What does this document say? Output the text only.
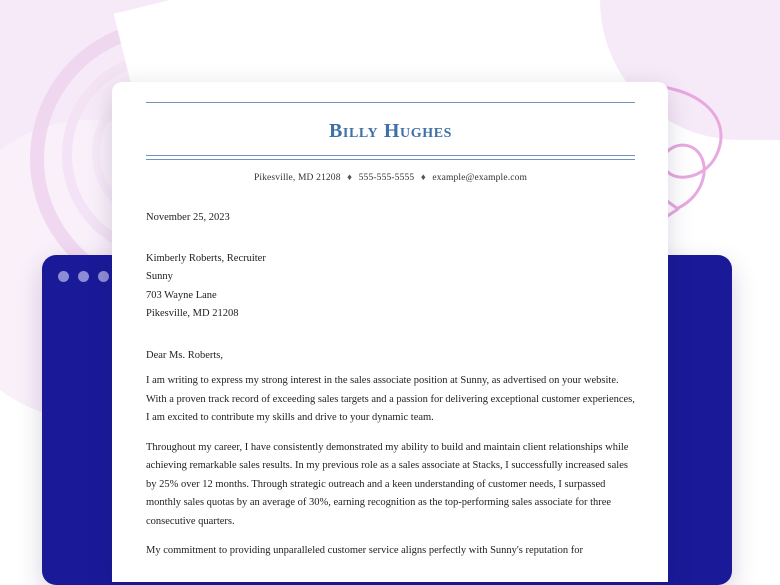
Billy Hughes
Pikesville, MD 21208 ♦ 555-555-5555 ♦ example@example.com
November 25, 2023
Kimberly Roberts, Recruiter
Sunny
703 Wayne Lane
Pikesville, MD 21208
Dear Ms. Roberts,

I am writing to express my strong interest in the sales associate position at Sunny, as advertised on your website. With a proven track record of exceeding sales targets and a passion for delivering exceptional customer experiences, I am excited to contribute my skills and drive to your dynamic team.

Throughout my career, I have consistently demonstrated my ability to build and maintain client relationships while achieving remarkable sales results. In my previous role as a sales associate at Stacks, I successfully increased sales by 25% over 12 months. Through strategic outreach and a keen understanding of customer needs, I surpassed monthly sales quotas by an average of 30%, earning recognition as the top-performing sales associate for three consecutive quarters.

My commitment to providing unparalleled customer service aligns perfectly with Sunny's reputation for
